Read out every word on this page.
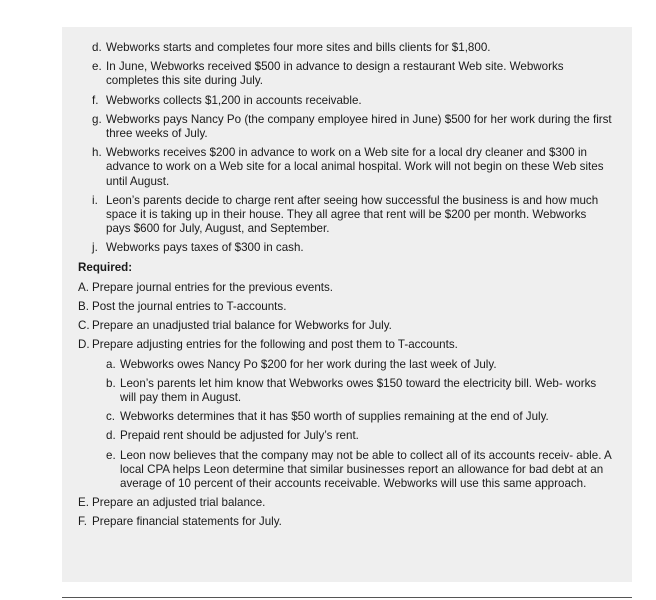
d. Webworks starts and completes four more sites and bills clients for $1,800.
e. In June, Webworks received $500 in advance to design a restaurant Web site. Webworks completes this site during July.
f. Webworks collects $1,200 in accounts receivable.
g. Webworks pays Nancy Po (the company employee hired in June) $500 for her work during the first three weeks of July.
h. Webworks receives $200 in advance to work on a Web site for a local dry cleaner and $300 in advance to work on a Web site for a local animal hospital. Work will not begin on these Web sites until August.
i. Leon’s parents decide to charge rent after seeing how successful the business is and how much space it is taking up in their house. They all agree that rent will be $200 per month. Webworks pays $600 for July, August, and September.
j. Webworks pays taxes of $300 in cash.
Required:
A. Prepare journal entries for the previous events.
B. Post the journal entries to T-accounts.
C. Prepare an unadjusted trial balance for Webworks for July.
D. Prepare adjusting entries for the following and post them to T-accounts.
a. Webworks owes Nancy Po $200 for her work during the last week of July.
b. Leon’s parents let him know that Webworks owes $150 toward the electricity bill. Web- works will pay them in August.
c. Webworks determines that it has $50 worth of supplies remaining at the end of July.
d. Prepaid rent should be adjusted for July’s rent.
e. Leon now believes that the company may not be able to collect all of its accounts receiv- able. A local CPA helps Leon determine that similar businesses report an allowance for bad debt at an average of 10 percent of their accounts receivable. Webworks will use this same approach.
E. Prepare an adjusted trial balance.
F. Prepare financial statements for July.
